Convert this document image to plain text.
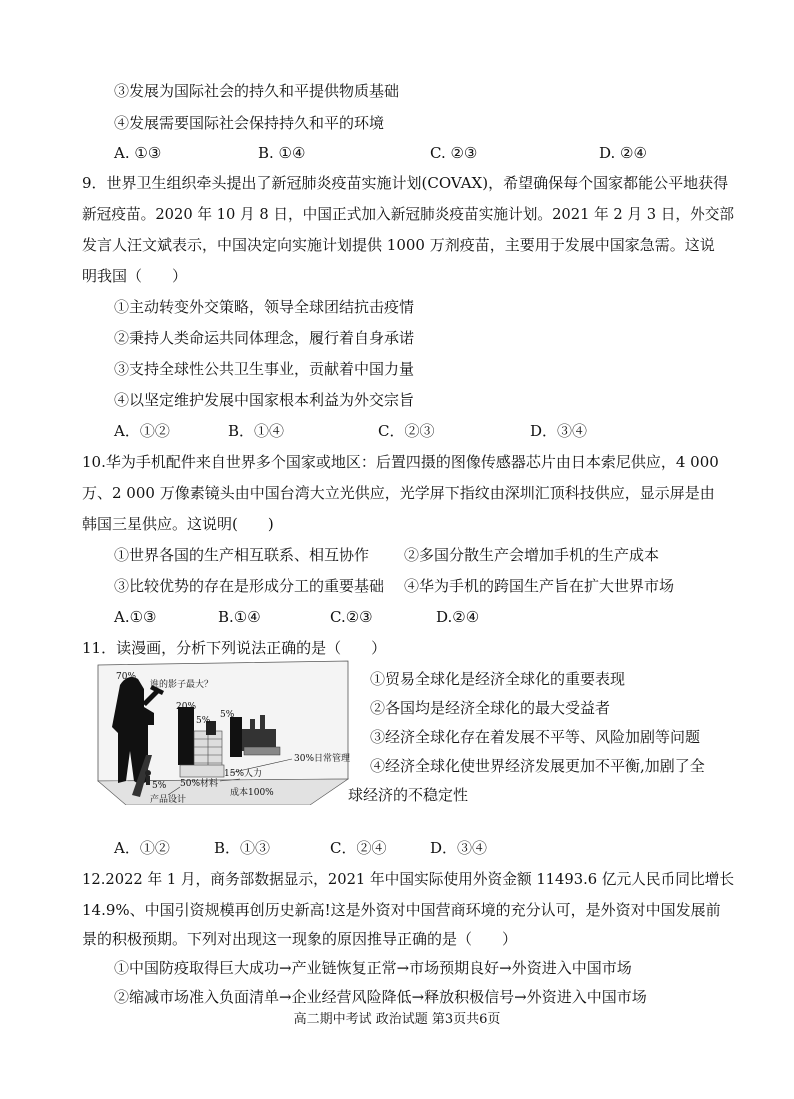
③发展为国际社会的持久和平提供物质基础
④发展需要国际社会保持持久和平的环境
A. ①③	B. ①④	C. ②③	D. ②④
9．世界卫生组织牵头提出了新冠肺炎疫苗实施计划(COVAX)，希望确保每个国家都能公平地获得
新冠疫苗。2020 年 10 月 8 日，中国正式加入新冠肺炎疫苗实施计划。2021 年 2 月 3 日，外交部
发言人汪文斌表示，中国决定向实施计划提供 1000 万剂疫苗，主要用于发展中国家急需。这说
明我国（　　）
①主动转变外交策略，领导全球团结抗击疫情
②秉持人类命运共同体理念，履行着自身承诺
③支持全球性公共卫生事业，贡献着中国力量
④以坚定维护发展中国家根本利益为外交宗旨
A．①②	B．①④	C．②③	D．③④
10.华为手机配件来自世界多个国家或地区：后置四摄的图像传感器芯片由日本索尼供应，4 000
万、2 000 万像素镜头由中国台湾大立光供应，光学屏下指纹由深圳汇顶科技供应，显示屏是由
韩国三星供应。这说明(　　)
①世界各国的生产相互联系、相互协作 ②多国分散生产会增加手机的生产成本
③比较优势的存在是形成分工的重要基础 ④华为手机的跨国生产旨在扩大世界市场
A.①③	B.①④	C.②③	D.②④
11．读漫画，分析下列说法正确的是（　　）
70%
谁的影子最大？
20%
5%
5%
5%
30%日常管理
15%人力
50%材料
产品设计
成本100%
①贸易全球化是经济全球化的重要表现
②各国均是经济全球化的最大受益者
③经济全球化存在着发展不平等、风险加剧等问题
④经济全球化使世界经济发展更加不平衡,加剧了全
球经济的不稳定性
A．①②	B．①③	C．②④	D．③④
12.2022 年 1 月，商务部数据显示，2021 年中国实际使用外资金额 11493.6 亿元人民币同比增长
14.9%、中国引资规模再创历史新高!这是外资对中国营商环境的充分认可，是外资对中国发展前
景的积极预期。下列对出现这一现象的原因推导正确的是（　　）
①中国防疫取得巨大成功→产业链恢复正常→市场预期良好→外资进入中国市场
②缩减市场准入负面清单→企业经营风险降低→释放积极信号→外资进入中国市场
高二期中考试 政治试题 第3页共6页
